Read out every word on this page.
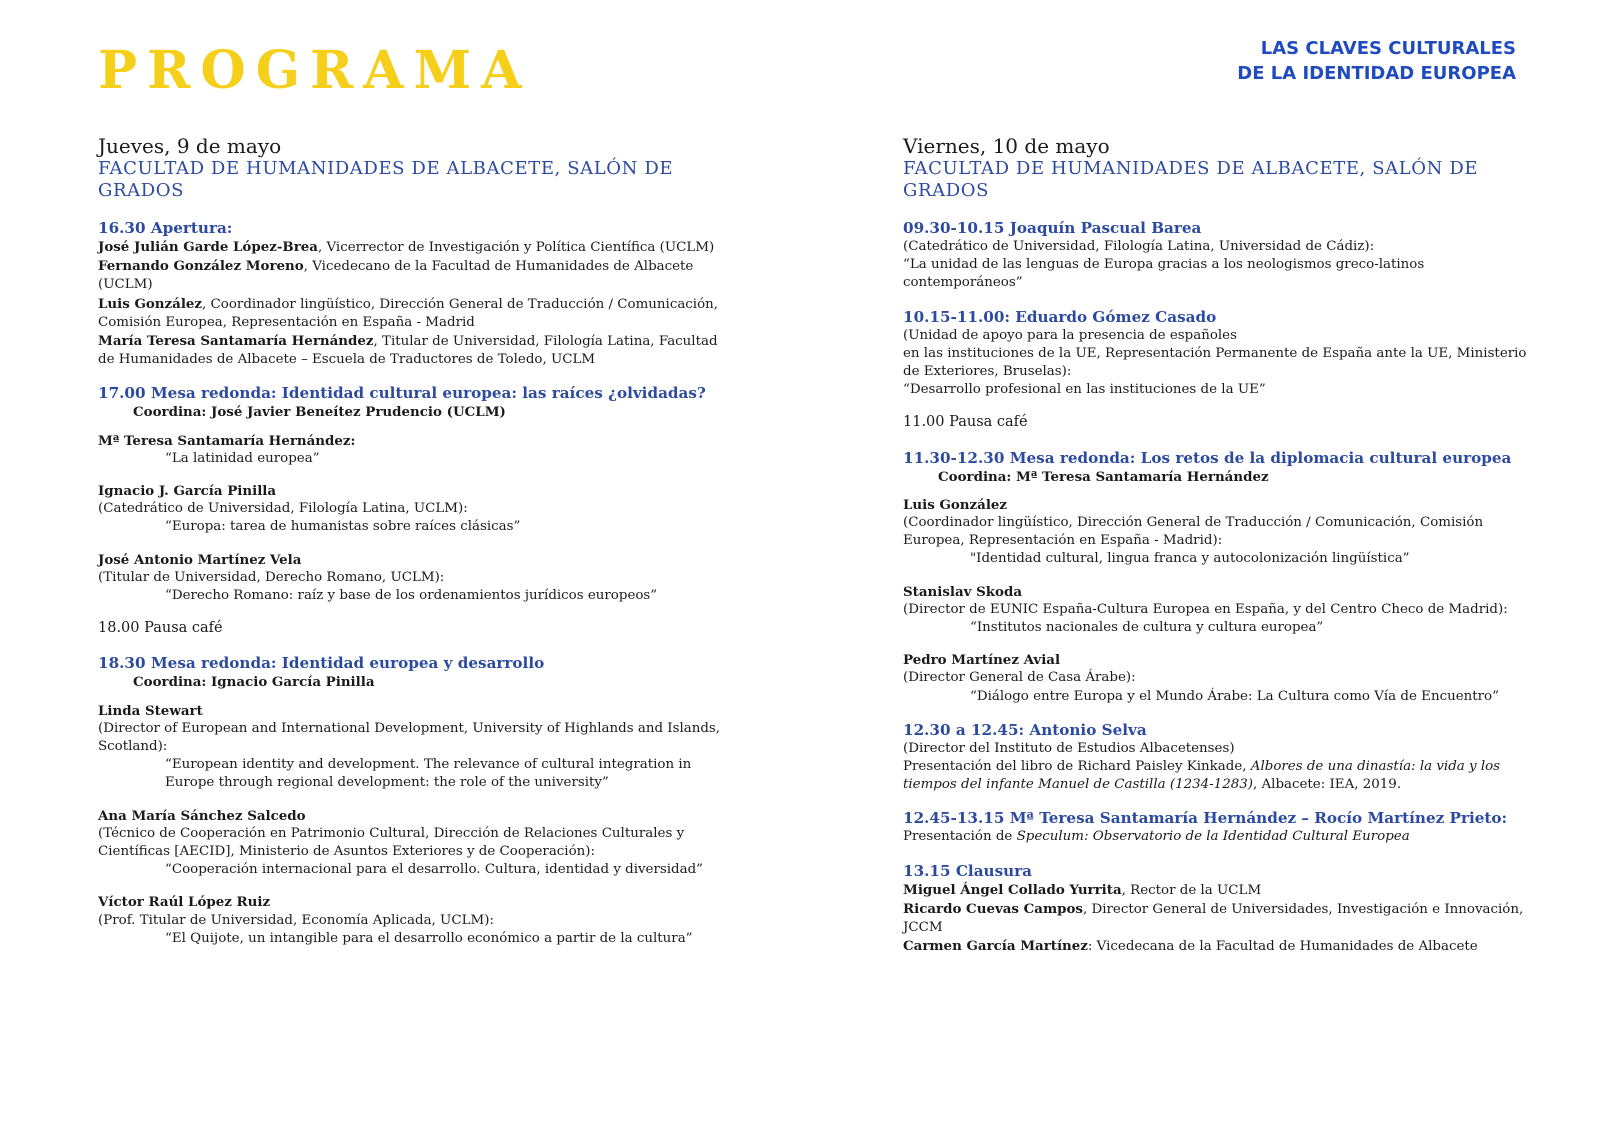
PROGRAMA	LAS CLAVES CULTURALES
DE LA IDENTIDAD EUROPEA
Jueves, 9 de mayo
FACULTAD DE HUMANIDADES DE ALBACETE, SALÓN DE GRADOS
16.30 Apertura:
José Julián Garde López-Brea, Vicerrector de Investigación y Política Científica (UCLM)
Fernando González Moreno, Vicedecano de la Facultad de Humanidades de Albacete (UCLM)
Luis González, Coordinador lingüístico, Dirección General de Traducción / Comunicación, Comisión Europea, Representación en España - Madrid
María Teresa Santamaría Hernández, Titular de Universidad, Filología Latina, Facultad de Humanidades de Albacete – Escuela de Traductores de Toledo, UCLM
17.00 Mesa redonda: Identidad cultural europea: las raíces ¿olvidadas?
Coordina: José Javier Beneítez Prudencio (UCLM)
Mª Teresa Santamaría Hernández:
“La latinidad europea”
Ignacio J. García Pinilla
(Catedrático de Universidad, Filología Latina, UCLM):
“Europa: tarea de humanistas sobre raíces clásicas”
José Antonio Martínez Vela
(Titular de Universidad, Derecho Romano, UCLM):
“Derecho Romano: raíz y base de los ordenamientos jurídicos europeos”
18.00 Pausa café
18.30 Mesa redonda: Identidad europea y desarrollo
Coordina: Ignacio García Pinilla
Linda Stewart
(Director of European and International Development, University of Highlands and Islands, Scotland):
“European identity and development. The relevance of cultural integration in Europe through regional development: the role of the university”
Ana María Sánchez Salcedo
(Técnico de Cooperación en Patrimonio Cultural, Dirección de Relaciones Culturales y Científicas [AECID], Ministerio de Asuntos Exteriores y de Cooperación):
“Cooperación internacional para el desarrollo. Cultura, identidad y diversidad”
Víctor Raúl López Ruiz
(Prof. Titular de Universidad, Economía Aplicada, UCLM):
“El Quijote, un intangible para el desarrollo económico a partir de la cultura”
Viernes, 10 de mayo
FACULTAD DE HUMANIDADES DE ALBACETE, SALÓN DE GRADOS
09.30-10.15 Joaquín Pascual Barea
(Catedrático de Universidad, Filología Latina, Universidad de Cádiz):
“La unidad de las lenguas de Europa gracias a los neologismos greco-latinos contemporáneos”
10.15-11.00: Eduardo Gómez Casado
(Unidad de apoyo para la presencia de españoles
en las instituciones de la UE, Representación Permanente de España ante la UE, Ministerio de Exteriores, Bruselas):
“Desarrollo profesional en las instituciones de la UE”
11.00 Pausa café
11.30-12.30 Mesa redonda: Los retos de la diplomacia cultural europea
Coordina: Mª Teresa Santamaría Hernández
Luis González
(Coordinador lingüístico, Dirección General de Traducción / Comunicación, Comisión Europea, Representación en España - Madrid):
"Identidad cultural, lingua franca y autocolonización lingüística”
Stanislav Skoda
(Director de EUNIC España-Cultura Europea en España, y del Centro Checo de Madrid):
“Institutos nacionales de cultura y cultura europea”
Pedro Martínez Avial
(Director General de Casa Árabe):
“Diálogo entre Europa y el Mundo Árabe: La Cultura como Vía de Encuentro”
12.30 a 12.45: Antonio Selva
(Director del Instituto de Estudios Albacetenses)
Presentación del libro de Richard Paisley Kinkade, Albores de una dinastía: la vida y los tiempos del infante Manuel de Castilla (1234-1283), Albacete: IEA, 2019.
12.45-13.15 Mª Teresa Santamaría Hernández – Rocío Martínez Prieto:
Presentación de Speculum: Observatorio de la Identidad Cultural Europea
13.15 Clausura
Miguel Ángel Collado Yurrita, Rector de la UCLM
Ricardo Cuevas Campos, Director General de Universidades, Investigación e Innovación, JCCM
Carmen García Martínez: Vicedecana de la Facultad de Humanidades de Albacete
